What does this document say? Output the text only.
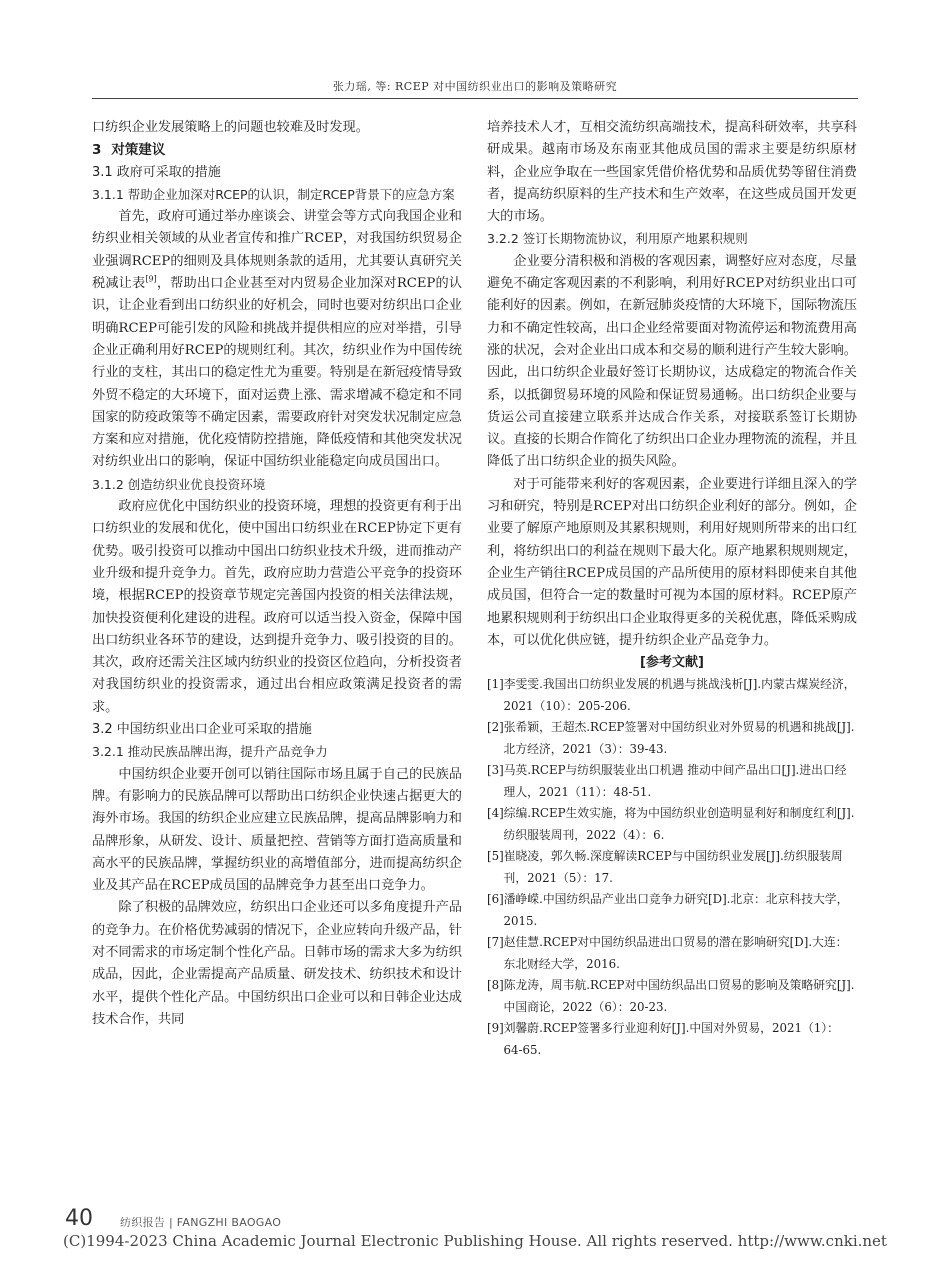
张力瑶, 等: RCEP 对中国纺织业出口的影响及策略研究

口纺织企业发展策略上的问题也较难及时发现。

3 对策建议

3.1 政府可采取的措施

3.1.1 帮助企业加深对RCEP的认识，制定RCEP背景下的应急方案

首先，政府可通过举办座谈会、讲堂会等方式向我国企业和纺织业相关领域的从业者宣传和推广RCEP，对我国纺织贸易企业强调RCEP的细则及具体规则条款的适用，尤其要认真研究关税减让表[9]，帮助出口企业甚至对内贸易企业加深对RCEP的认识，让企业看到出口纺织业的好机会，同时也要对纺织出口企业明确RCEP可能引发的风险和挑战并提供相应的应对举措，引导企业正确利用好RCEP的规则红利。其次，纺织业作为中国传统行业的支柱，其出口的稳定性尤为重要。特别是在新冠疫情导致外贸不稳定的大环境下，面对运费上涨、需求增减不稳定和不同国家的防疫政策等不确定因素，需要政府针对突发状况制定应急方案和应对措施，优化疫情防控措施，降低疫情和其他突发状况对纺织业出口的影响，保证中国纺织业能稳定向成员国出口。

3.1.2 创造纺织业优良投资环境

政府应优化中国纺织业的投资环境，理想的投资更有利于出口纺织业的发展和优化，使中国出口纺织业在RCEP协定下更有优势。吸引投资可以推动中国出口纺织业技术升级，进而推动产业升级和提升竞争力。首先，政府应助力营造公平竞争的投资环境，根据RCEP的投资章节规定完善国内投资的相关法律法规，加快投资便利化建设的进程。政府可以适当投入资金，保障中国出口纺织业各环节的建设，达到提升竞争力、吸引投资的目的。其次，政府还需关注区域内纺织业的投资区位趋向，分析投资者对我国纺织业的投资需求，通过出台相应政策满足投资者的需求。

3.2 中国纺织业出口企业可采取的措施

3.2.1 推动民族品牌出海，提升产品竞争力

中国纺织企业要开创可以销往国际市场且属于自己的民族品牌。有影响力的民族品牌可以帮助出口纺织企业快速占据更大的海外市场。我国的纺织企业应建立民族品牌，提高品牌影响力和品牌形象，从研发、设计、质量把控、营销等方面打造高质量和高水平的民族品牌，掌握纺织业的高增值部分，进而提高纺织企业及其产品在RCEP成员国的品牌竞争力甚至出口竞争力。

除了积极的品牌效应，纺织出口企业还可以多角度提升产品的竞争力。在价格优势减弱的情况下，企业应转向升级产品，针对不同需求的市场定制个性化产品。日韩市场的需求大多为纺织成品，因此，企业需提高产品质量、研发技术、纺织技术和设计水平，提供个性化产品。中国纺织出口企业可以和日韩企业达成技术合作，共同

培养技术人才，互相交流纺织高端技术，提高科研效率，共享科研成果。越南市场及东南亚其他成员国的需求主要是纺织原材料，企业应争取在一些国家凭借价格优势和品质优势等留住消费者，提高纺织原料的生产技术和生产效率，在这些成员国开发更大的市场。

3.2.2 签订长期物流协议，利用原产地累积规则

企业要分清积极和消极的客观因素，调整好应对态度，尽量避免不确定客观因素的不利影响，利用好RCEP对纺织业出口可能利好的因素。例如，在新冠肺炎疫情的大环境下，国际物流压力和不确定性较高，出口企业经常要面对物流停运和物流费用高涨的状况，会对企业出口成本和交易的顺利进行产生较大影响。因此，出口纺织企业最好签订长期协议，达成稳定的物流合作关系，以抵御贸易环境的风险和保证贸易通畅。出口纺织企业要与货运公司直接建立联系并达成合作关系，对接联系签订长期协议。直接的长期合作简化了纺织出口企业办理物流的流程，并且降低了出口纺织企业的损失风险。

对于可能带来利好的客观因素，企业要进行详细且深入的学习和研究，特别是RCEP对出口纺织企业利好的部分。例如，企业要了解原产地原则及其累积规则，利用好规则所带来的出口红利，将纺织出口的利益在规则下最大化。原产地累积规则规定，企业生产销往RCEP成员国的产品所使用的原材料即使来自其他成员国，但符合一定的数量时可视为本国的原材料。RCEP原产地累积规则利于纺织出口企业取得更多的关税优惠，降低采购成本，可以优化供应链，提升纺织企业产品竞争力。

[参考文献]

[1]李雯雯.我国出口纺织业发展的机遇与挑战浅析[J].内蒙古煤炭经济，2021（10）：205-206.

[2]张希颖，王超杰.RCEP签署对中国纺织业对外贸易的机遇和挑战[J].北方经济，2021（3）：39-43.

[3]马英.RCEP与纺织服装业出口机遇 推动中间产品出口[J].进出口经理人，2021（11）：48-51.

[4]综编.RCEP生效实施，将为中国纺织业创造明显利好和制度红利[J].纺织服装周刊，2022（4）：6.

[5]崔晓凌，郭久畅.深度解读RCEP与中国纺织业发展[J].纺织服装周刊，2021（5）：17.

[6]潘峥嵘.中国纺织品产业出口竞争力研究[D].北京：北京科技大学，2015.

[7]赵佳慧.RCEP对中国纺织品进出口贸易的潜在影响研究[D].大连：东北财经大学，2016.

[8]陈龙涛，周韦航.RCEP对中国纺织品出口贸易的影响及策略研究[J].中国商论，2022（6）：20-23.

[9]刘馨蔚.RCEP签署多行业迎利好[J].中国对外贸易，2021（1）：64-65.

40 纺织报告 | FANGZHI BAOGAO
(C)1994-2023 China Academic Journal Electronic Publishing House. All rights reserved. http://www.cnki.net
